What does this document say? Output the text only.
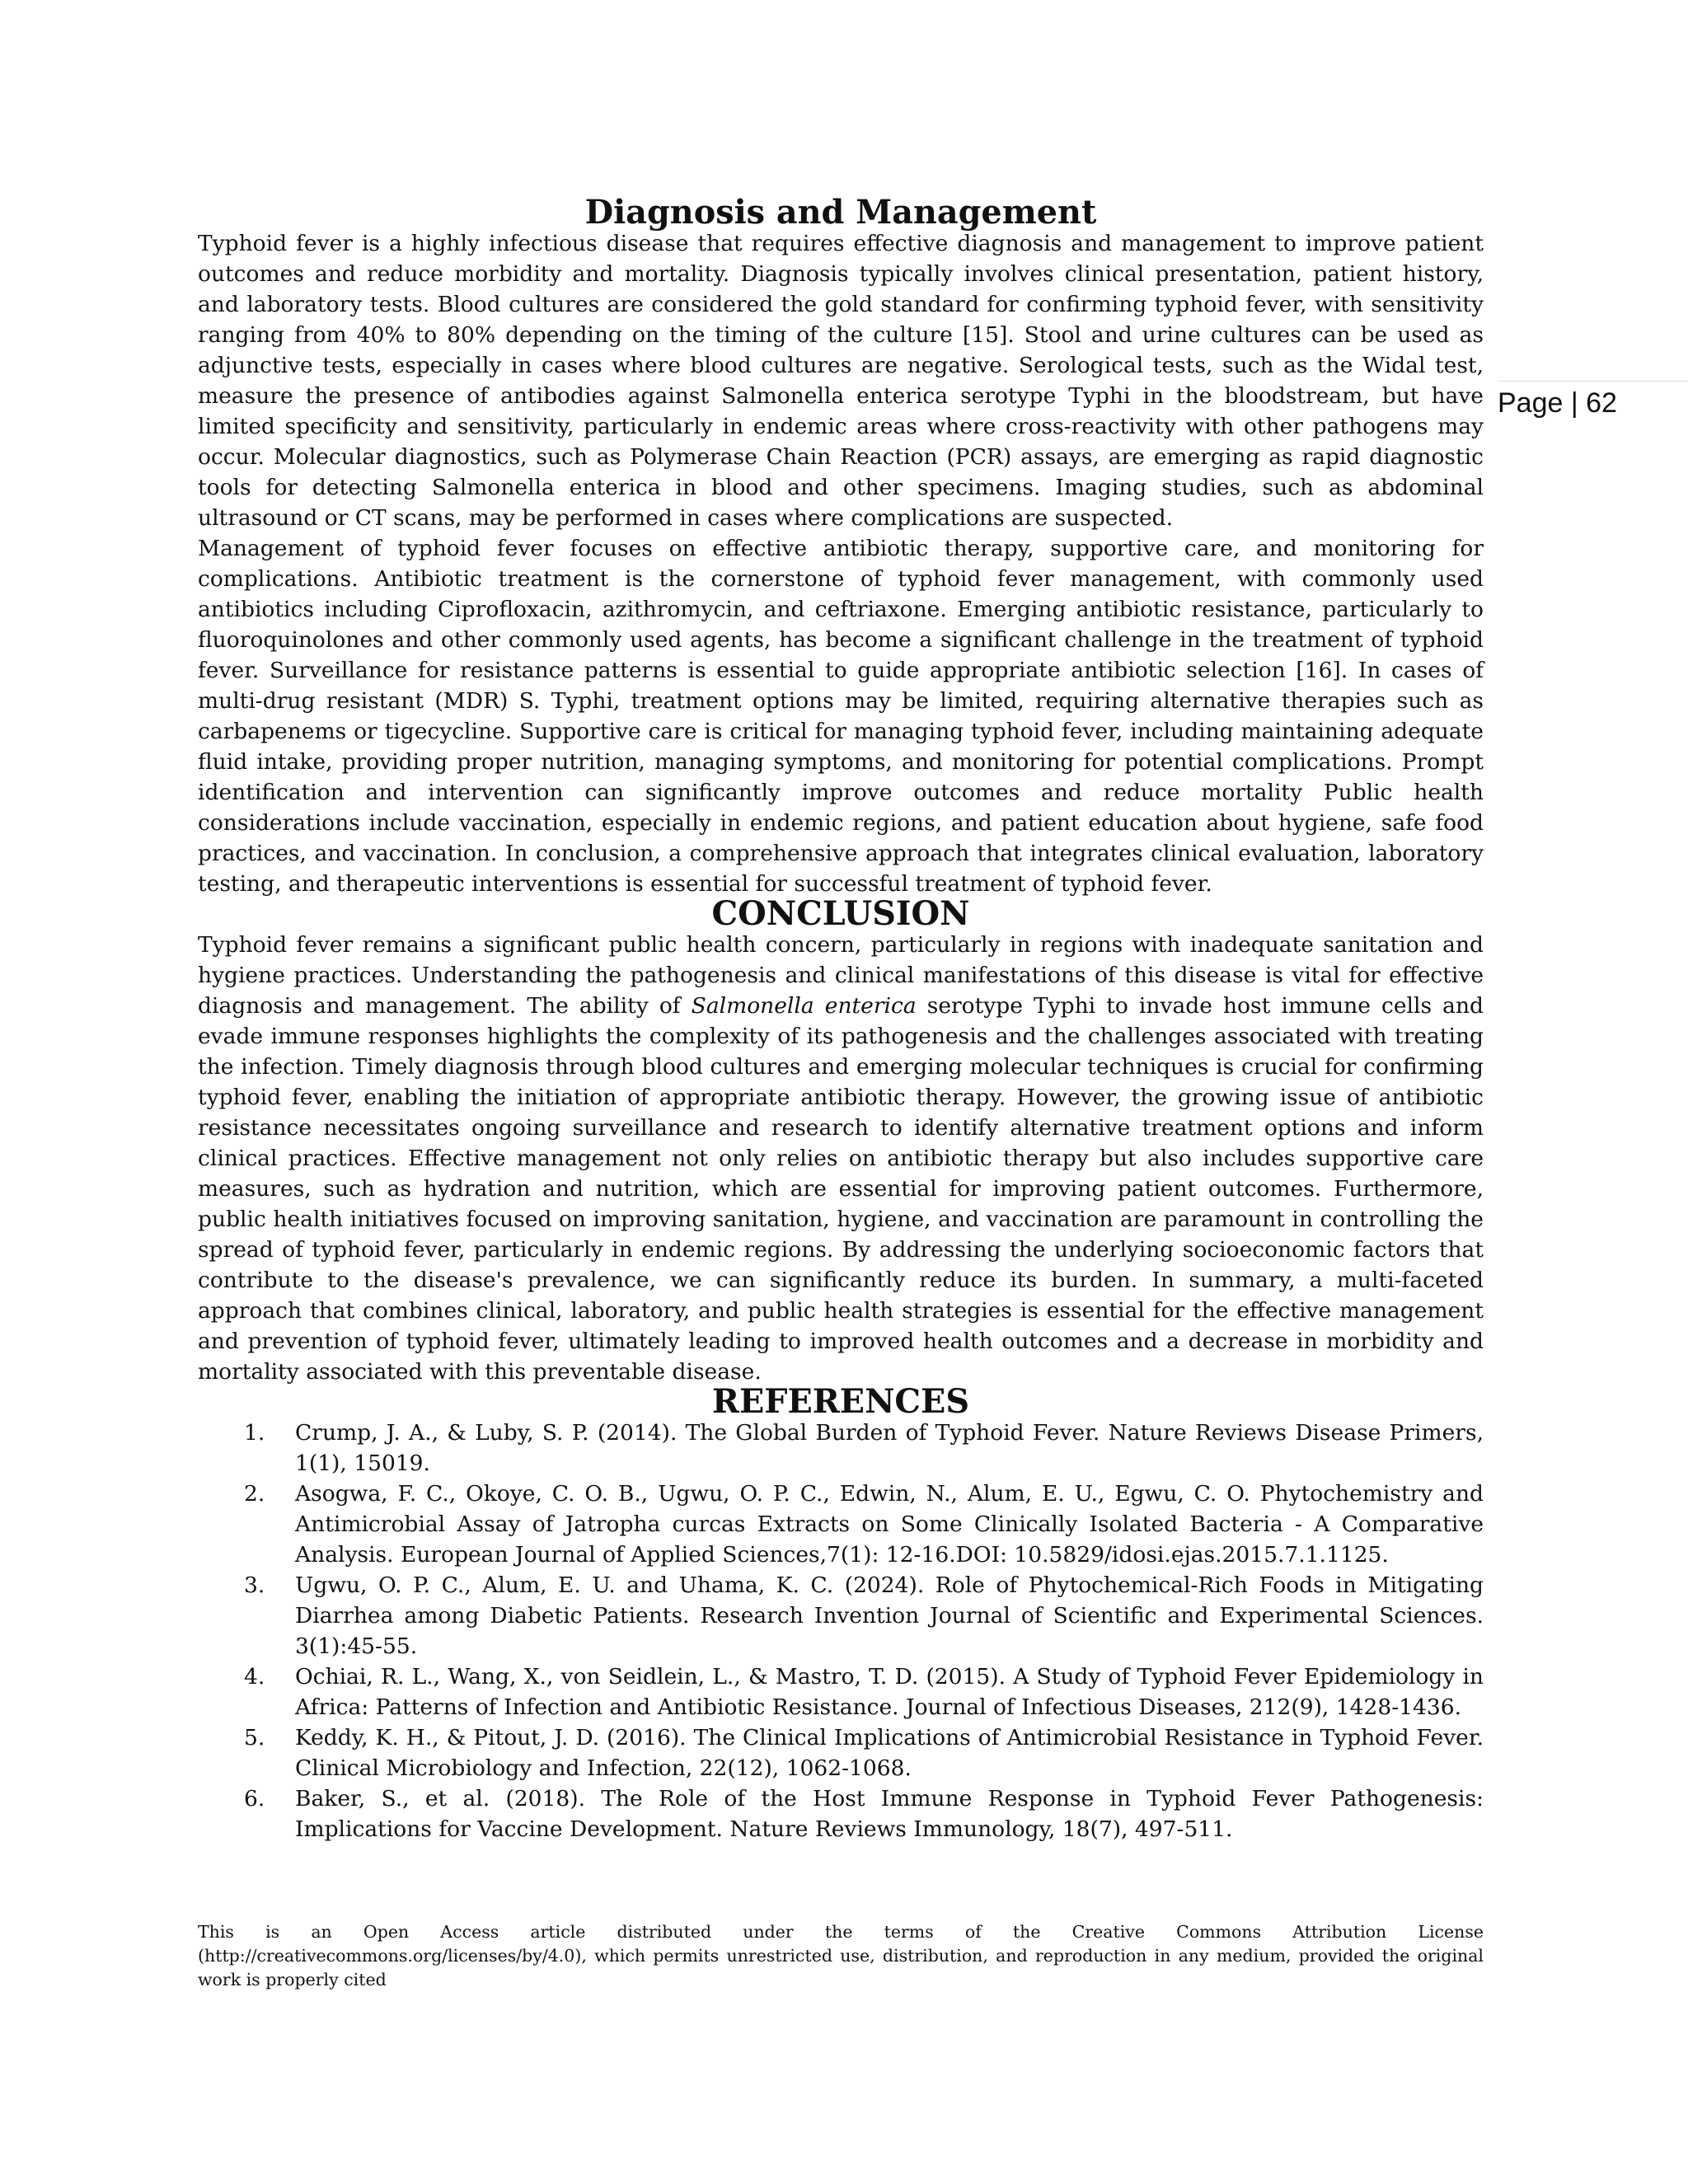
Page | 62
Diagnosis and Management

Typhoid fever is a highly infectious disease that requires effective diagnosis and management to improve patient outcomes and reduce morbidity and mortality. Diagnosis typically involves clinical presentation, patient history, and laboratory tests. Blood cultures are considered the gold standard for confirming typhoid fever, with sensitivity ranging from 40% to 80% depending on the timing of the culture [15]. Stool and urine cultures can be used as adjunctive tests, especially in cases where blood cultures are negative. Serological tests, such as the Widal test, measure the presence of antibodies against Salmonella enterica serotype Typhi in the bloodstream, but have limited specificity and sensitivity, particularly in endemic areas where cross-reactivity with other pathogens may occur. Molecular diagnostics, such as Polymerase Chain Reaction (PCR) assays, are emerging as rapid diagnostic tools for detecting Salmonella enterica in blood and other specimens. Imaging studies, such as abdominal ultrasound or CT scans, may be performed in cases where complications are suspected.

Management of typhoid fever focuses on effective antibiotic therapy, supportive care, and monitoring for complications. Antibiotic treatment is the cornerstone of typhoid fever management, with commonly used antibiotics including Ciprofloxacin, azithromycin, and ceftriaxone. Emerging antibiotic resistance, particularly to fluoroquinolones and other commonly used agents, has become a significant challenge in the treatment of typhoid fever. Surveillance for resistance patterns is essential to guide appropriate antibiotic selection [16]. In cases of multi-drug resistant (MDR) S. Typhi, treatment options may be limited, requiring alternative therapies such as carbapenems or tigecycline. Supportive care is critical for managing typhoid fever, including maintaining adequate fluid intake, providing proper nutrition, managing symptoms, and monitoring for potential complications. Prompt identification and intervention can significantly improve outcomes and reduce mortality Public health considerations include vaccination, especially in endemic regions, and patient education about hygiene, safe food practices, and vaccination. In conclusion, a comprehensive approach that integrates clinical evaluation, laboratory testing, and therapeutic interventions is essential for successful treatment of typhoid fever.

CONCLUSION

Typhoid fever remains a significant public health concern, particularly in regions with inadequate sanitation and hygiene practices. Understanding the pathogenesis and clinical manifestations of this disease is vital for effective diagnosis and management. The ability of Salmonella enterica serotype Typhi to invade host immune cells and evade immune responses highlights the complexity of its pathogenesis and the challenges associated with treating the infection. Timely diagnosis through blood cultures and emerging molecular techniques is crucial for confirming typhoid fever, enabling the initiation of appropriate antibiotic therapy. However, the growing issue of antibiotic resistance necessitates ongoing surveillance and research to identify alternative treatment options and inform clinical practices. Effective management not only relies on antibiotic therapy but also includes supportive care measures, such as hydration and nutrition, which are essential for improving patient outcomes. Furthermore, public health initiatives focused on improving sanitation, hygiene, and vaccination are paramount in controlling the spread of typhoid fever, particularly in endemic regions. By addressing the underlying socioeconomic factors that contribute to the disease's prevalence, we can significantly reduce its burden. In summary, a multi-faceted approach that combines clinical, laboratory, and public health strategies is essential for the effective management and prevention of typhoid fever, ultimately leading to improved health outcomes and a decrease in morbidity and mortality associated with this preventable disease.

REFERENCES
1.	Crump, J. A., & Luby, S. P. (2014). The Global Burden of Typhoid Fever. Nature Reviews Disease Primers, 1(1), 15019.
2.	Asogwa, F. C., Okoye, C. O. B., Ugwu, O. P. C., Edwin, N., Alum, E. U., Egwu, C. O. Phytochemistry and Antimicrobial Assay of Jatropha curcas Extracts on Some Clinically Isolated Bacteria - A Comparative Analysis. European Journal of Applied Sciences,7(1): 12-16.DOI: 10.5829/idosi.ejas.2015.7.1.1125.
3.	Ugwu, O. P. C., Alum, E. U. and Uhama, K. C. (2024). Role of Phytochemical-Rich Foods in Mitigating Diarrhea among Diabetic Patients. Research Invention Journal of Scientific and Experimental Sciences. 3(1):45-55.
4.	Ochiai, R. L., Wang, X., von Seidlein, L., & Mastro, T. D. (2015). A Study of Typhoid Fever Epidemiology in Africa: Patterns of Infection and Antibiotic Resistance. Journal of Infectious Diseases, 212(9), 1428-1436.
5.	Keddy, K. H., & Pitout, J. D. (2016). The Clinical Implications of Antimicrobial Resistance in Typhoid Fever. Clinical Microbiology and Infection, 22(12), 1062-1068.
6.	Baker, S., et al. (2018). The Role of the Host Immune Response in Typhoid Fever Pathogenesis: Implications for Vaccine Development. Nature Reviews Immunology, 18(7), 497-511.
This is an Open Access article distributed under the terms of the Creative Commons Attribution License (http://creativecommons.org/licenses/by/4.0), which permits unrestricted use, distribution, and reproduction in any medium, provided the original work is properly cited
